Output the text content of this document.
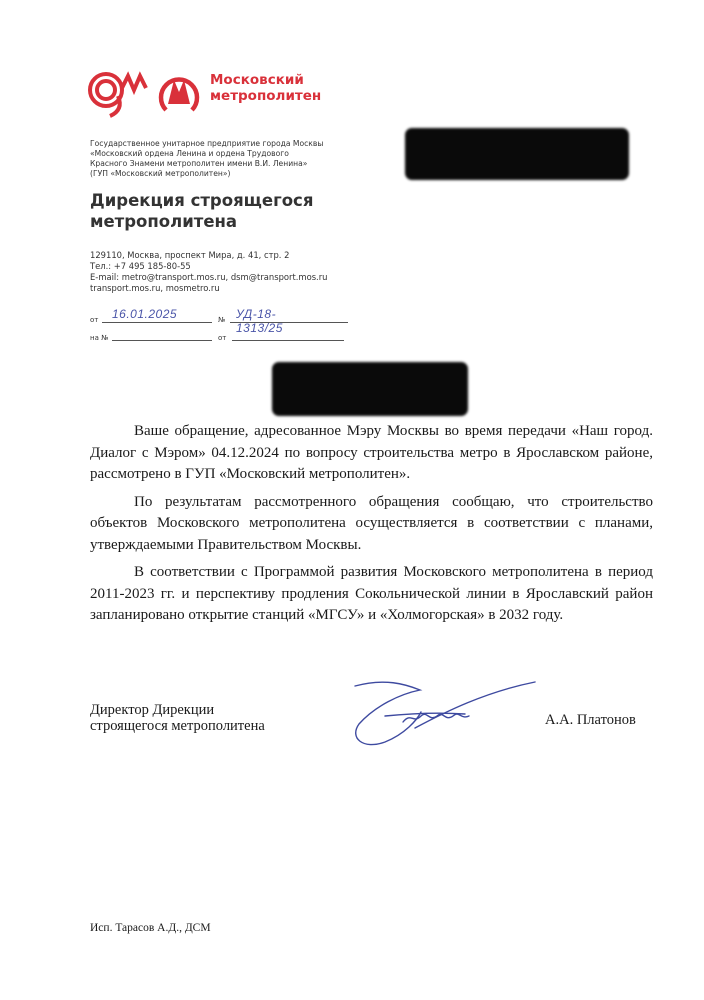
Московский
метрополитен
Государственное унитарное предприятие города Москвы
«Московский ордена Ленина и ордена Трудового
Красного Знамени метрополитен имени В.И. Ленина»
(ГУП «Московский метрополитен»)
Дирекция строящегося
метрополитена
129110, Москва, проспект Мира, д. 41, стр. 2
Тел.: +7 495 185-80-55
E-mail: metro@transport.mos.ru, dsm@transport.mos.ru
transport.mos.ru, mosmetro.ru
от 16.01.2025	№ УД-18-1313/25
на №	от

Ваше обращение, адресованное Мэру Москвы во время передачи «Наш город. Диалог с Мэром» 04.12.2024 по вопросу строительства метро в Ярославском районе, рассмотрено в ГУП «Московский метрополитен».

По результатам рассмотренного обращения сообщаю, что строительство объектов Московского метрополитена осуществляется в соответствии с планами, утверждаемыми Правительством Москвы.

В соответствии с Программой развития Московского метрополитена в период 2011-2023 гг. и перспективу продления Сокольнической линии в Ярославский район запланировано открытие станций «МГСУ» и «Холмогорская» в 2032 году.

Директор Дирекции
строящегося метрополитена	А.А. Платонов
Исп. Тарасов А.Д., ДСМ
